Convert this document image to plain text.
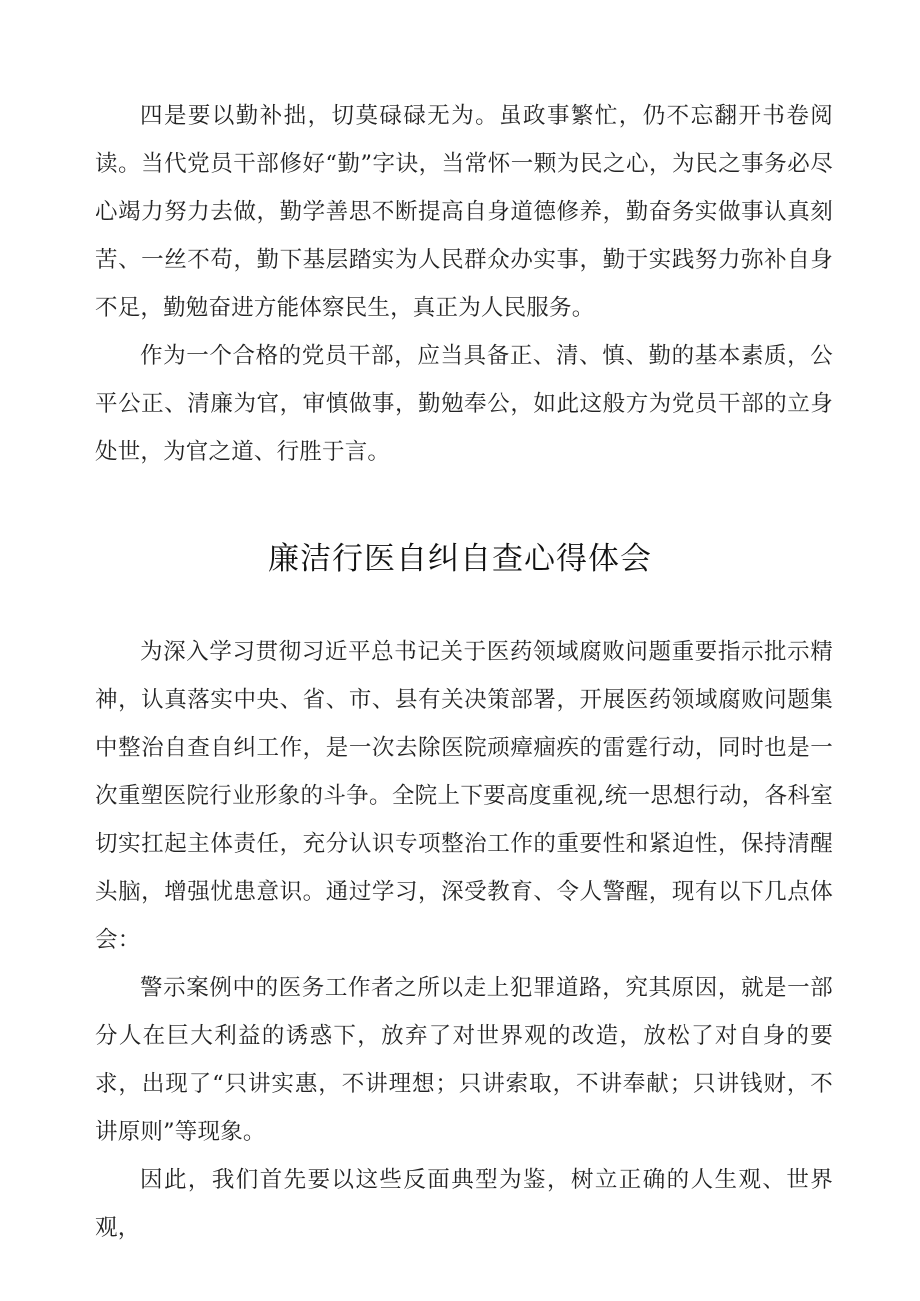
四是要以勤补拙，切莫碌碌无为。虽政事繁忙，仍不忘翻开书卷阅读。当代党员干部修好“勤”字诀，当常怀一颗为民之心，为民之事务必尽心竭力努力去做，勤学善思不断提高自身道德修养，勤奋务实做事认真刻苦、一丝不苟，勤下基层踏实为人民群众办实事，勤于实践努力弥补自身不足，勤勉奋进方能体察民生，真正为人民服务。

作为一个合格的党员干部，应当具备正、清、慎、勤的基本素质，公平公正、清廉为官，审慎做事，勤勉奉公，如此这般方为党员干部的立身处世，为官之道、行胜于言。

廉洁行医自纠自查心得体会

为深入学习贯彻习近平总书记关于医药领域腐败问题重要指示批示精神，认真落实中央、省、市、县有关决策部署，开展医药领域腐败问题集中整治自查自纠工作，是一次去除医院顽瘴痼疾的雷霆行动，同时也是一次重塑医院行业形象的斗争。全院上下要高度重视,统一思想行动，各科室切实扛起主体责任，充分认识专项整治工作的重要性和紧迫性，保持清醒头脑，增强忧患意识。通过学习，深受教育、令人警醒，现有以下几点体会：

警示案例中的医务工作者之所以走上犯罪道路，究其原因，就是一部分人在巨大利益的诱惑下，放弃了对世界观的改造，放松了对自身的要求，出现了“只讲实惠，不讲理想；只讲索取，不讲奉献；只讲钱财，不讲原则”等现象。

因此，我们首先要以这些反面典型为鉴，树立正确的人生观、世界观，
